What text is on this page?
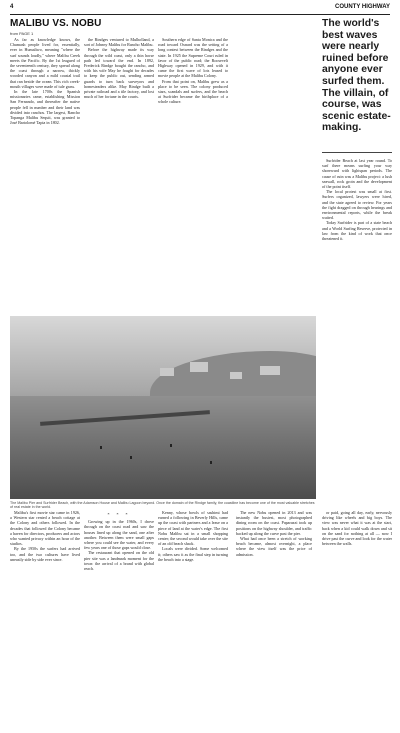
4	COUNTY HIGHWAY
MALIBU VS. NOBU
from PAGE 1

As far as knowledge knows, the Chumash people lived for, essentially, ever in Humaliwo, meaning "where the surf sounds loudly," where Malibu Creek meets the Pacific. By the 1st leagued of the seventeenth century, they spread along the coast through a narrow, thickly wooded canyon and a mild coastal trail that ran beside the ocean. This rich creek-mouth villages were made of tule grass.

In the late 1700s the Spanish missionaries came, establishing Mission San Fernando, and thereafter the native people fell in number and their land was divided into ranchos. The largest, Rancho Topanga Malibu Sequit, was granted to José Bartolomé Tapia in 1802.

the Rindges ventured to Mulholland, a sort of Johnny Malibu for Rancho Malibu.

Before the highway made its way through the wild coast, only a thin horse path led toward the end. In 1892, Frederick Rindge bought the rancho, and with his wife May he fought for decades to keep the public out, sending armed guards to turn back surveyors and homesteaders alike. May Rindge built a private railroad and a tile factory, and lost much of her fortune in the courts.

Southern edge of Santa Monica and the road toward Oxnard was the setting of a long contest between the Rindges and the state. In 1925 the Supreme Court ruled in favor of the public road; the Roosevelt Highway opened in 1929, and with it came the first wave of lots leased to movie people at the Malibu Colony.

From that point on, Malibu grew as a place to be seen. The colony produced stars, scandals and surfers, and the beach at Surfrider became the birthplace of a whole culture.

The world's best waves were nearly ruined before anyone ever surfed them. The villain, of course, was scenic estate-making.

Surfrider Beach at last year round. To surf there means surfing your way shoreward with lightspan periods. The cause of ruin was a Malibu project: a lush seawall, rock groin and the development of the point itself.

The local protest was small at first. Surfers organized, lawyers were hired, and the state agreed to review. For years the fight dragged on through hearings and environmental reports, while the break waited.

Today Surfrider is part of a state beach and a World Surfing Reserve, protected in law from the kind of work that once threatened it.

The Malibu Pier and Surfrider Beach, with the Adamson House and Malibu Lagoon beyond. Once the domain of the Rindge family, the coastline has become one of the most valuable stretches of real estate in the world.

Malibu's first movie star came in 1926, a Western star rented a beach cottage at the Colony and others followed. In the decades that followed the Colony became a haven for directors, producers and actors who wanted privacy within an hour of the studios.

By the 1950s the surfers had arrived too, and the two cultures have lived uneasily side by side ever since.

* * *

Growing up in the 1960s, I drove through on the coast road and saw the houses lined up along the sand, one after another. Between them were small gaps where you could see the water, and every few years one of those gaps would close.

The restaurant that opened on the old pier site was a landmark moment for the town: the arrival of a brand with global reach.

Kenny, whose bowls of sashimi had earned a following in Beverly Hills, came up the coast with partners and a lease on a piece of land at the water's edge. The first Nobu Malibu sat in a small shopping center; the second would take over the site of an old beach shack.

Locals were divided. Some welcomed it; others saw it as the final step in turning the beach into a stage.

The new Nobu opened in 2013 and was instantly the busiest, most photographed dining room on the coast. Paparazzi took up positions on the highway shoulder, and traffic backed up along the curve past the pier.

What had once been a stretch of working beach became, almost overnight, a place where the view itself was the price of admission.

or paid, going all day, early, nervously driving like wheels and big boys. The view was never what it was at the start, back when a kid could walk down and sit on the sand for nothing at all — now I drive past the curve and look for the water between the walls.
